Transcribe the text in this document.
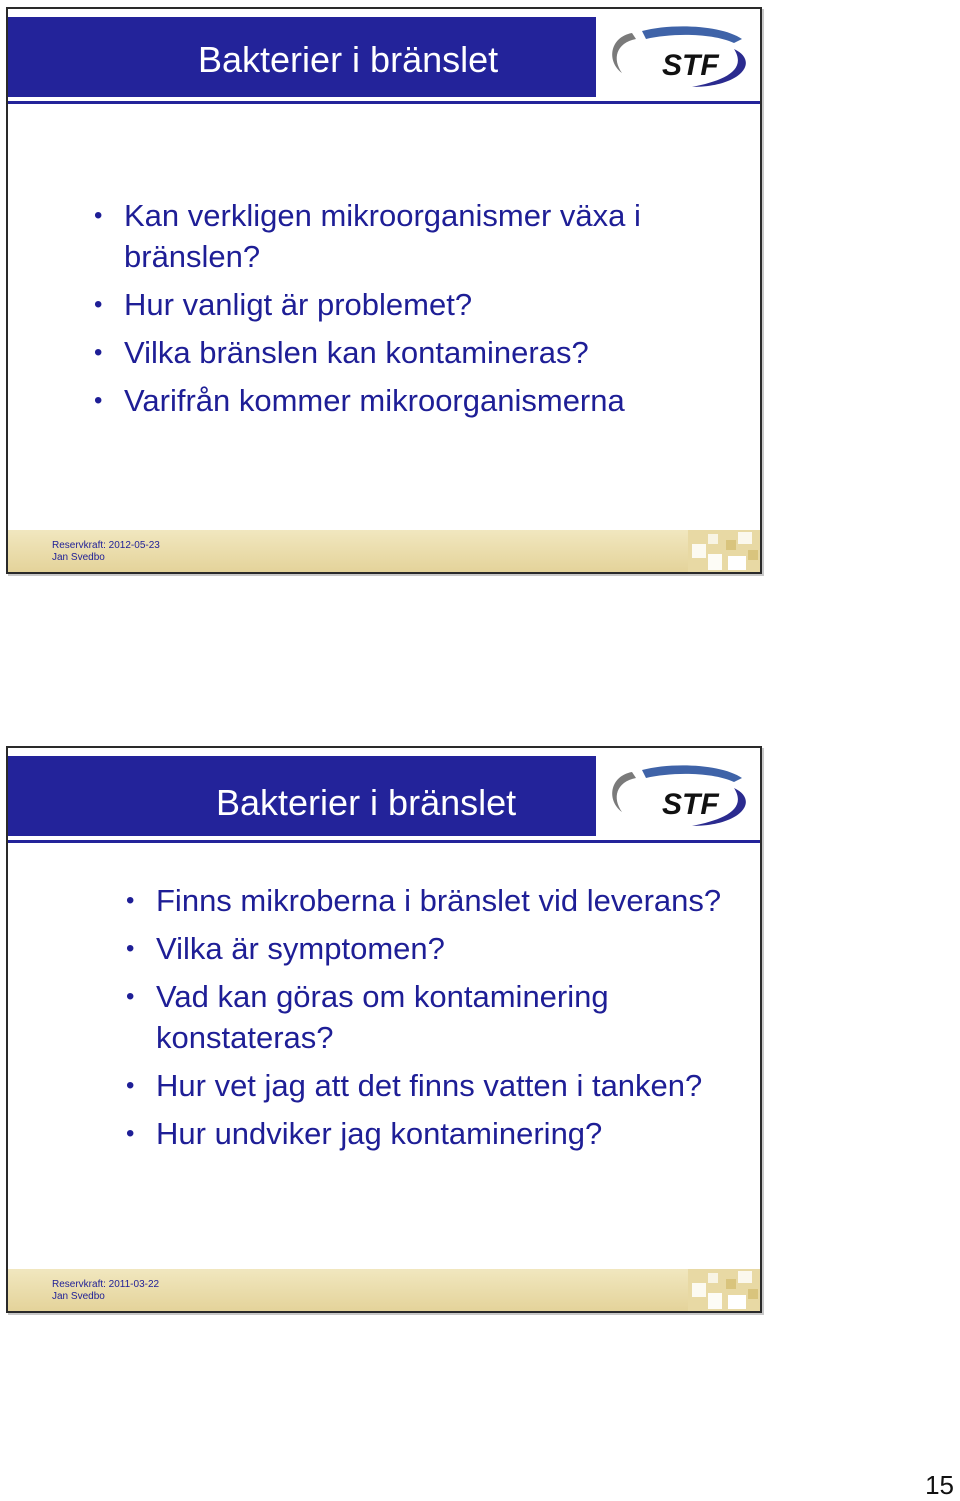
Bakterier i bränslet	STF
• Kan verkligen mikroorganismer växa i bränslen?
• Hur vanligt är problemet?
• Vilka bränslen kan kontamineras?
• Varifrån kommer mikroorganismerna
Reservkraft: 2012-05-23
Jan Svedbo
Bakterier i bränslet	STF
• Finns mikroberna i bränslet vid leverans?
• Vilka är symptomen?
• Vad kan göras om kontaminering konstateras?
• Hur vet jag att det finns vatten i tanken?
• Hur undviker jag kontaminering?
Reservkraft: 2011-03-22
Jan Svedbo
15
